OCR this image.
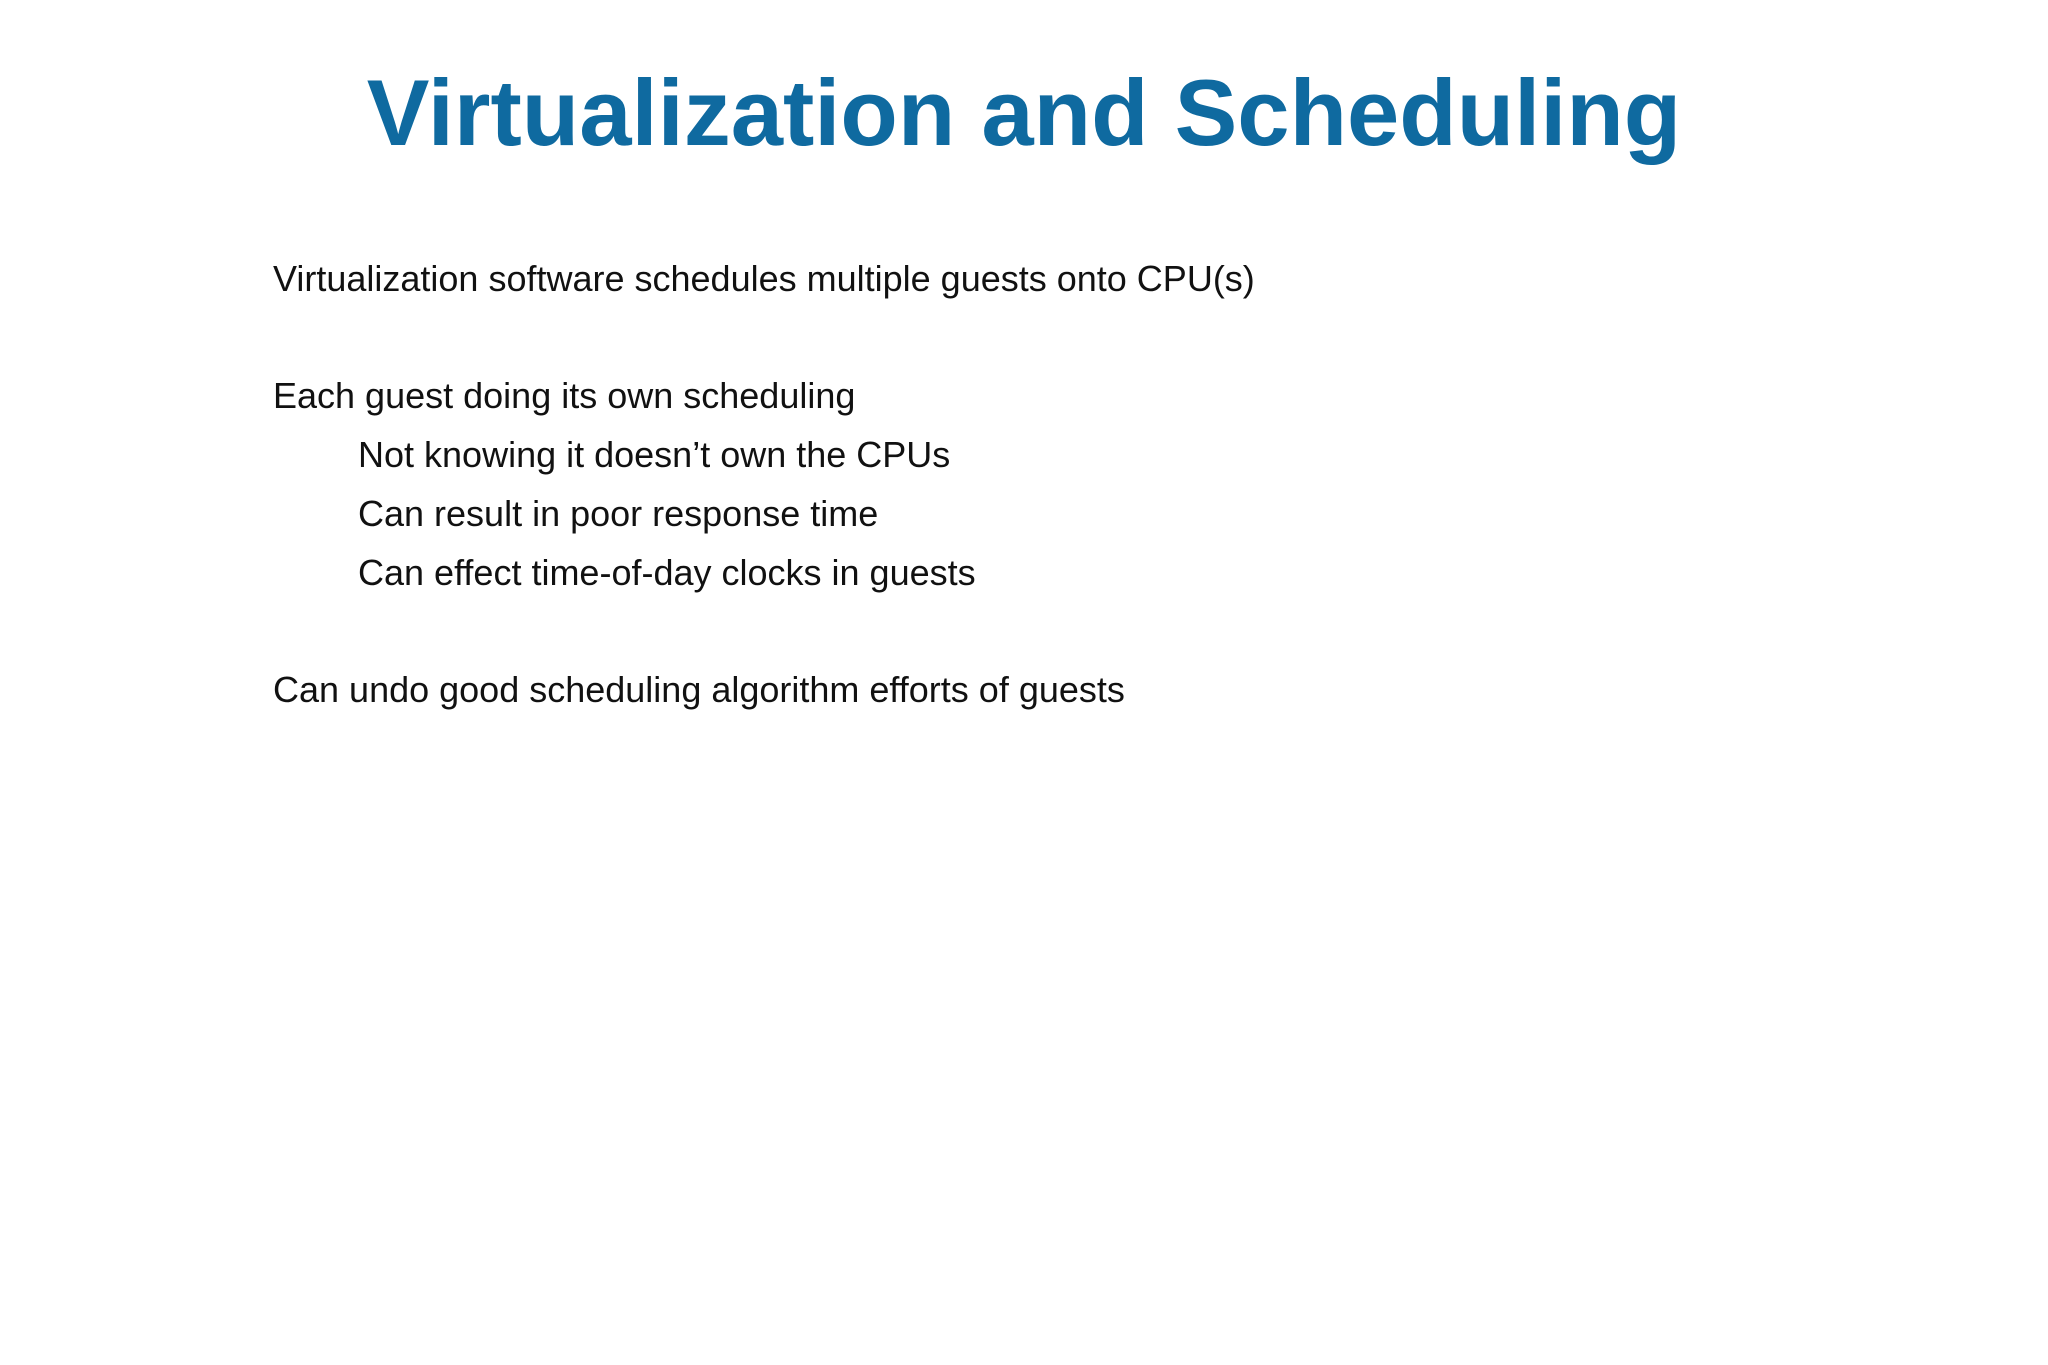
Virtualization and Scheduling
Virtualization software schedules multiple guests onto CPU(s)
Each guest doing its own scheduling
Not knowing it doesn’t own the CPUs
Can result in poor response time
Can effect time-of-day clocks in guests
Can undo good scheduling algorithm efforts of guests
